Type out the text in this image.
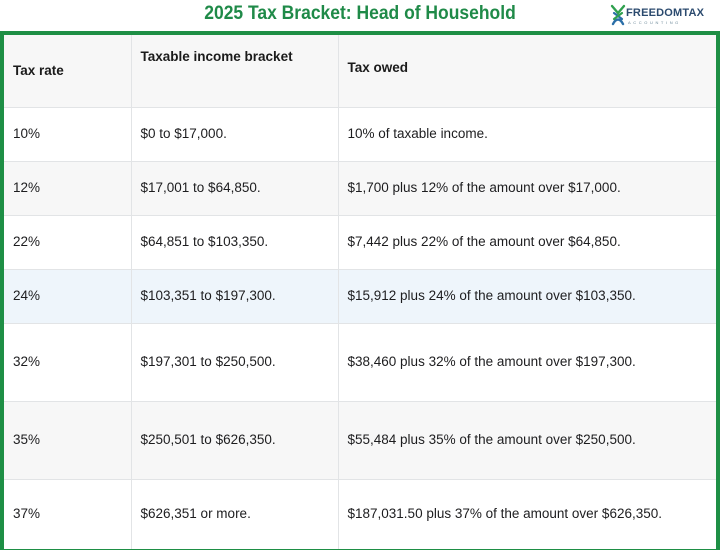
2025 Tax Bracket: Head of Household	FREEDOMTAX
ACCOUNTING
Tax rate	Taxable income bracket	Tax owed
10%	$0 to $17,000.	10% of taxable income.
12%	$17,001 to $64,850.	$1,700 plus 12% of the amount over $17,000.
22%	$64,851 to $103,350.	$7,442 plus 22% of the amount over $64,850.
24%	$103,351 to $197,300.	$15,912 plus 24% of the amount over $103,350.
32%	$197,301 to $250,500.	$38,460 plus 32% of the amount over $197,300.
35%	$250,501 to $626,350.	$55,484 plus 35% of the amount over $250,500.
37%	$626,351 or more.	$187,031.50 plus 37% of the amount over $626,350.
